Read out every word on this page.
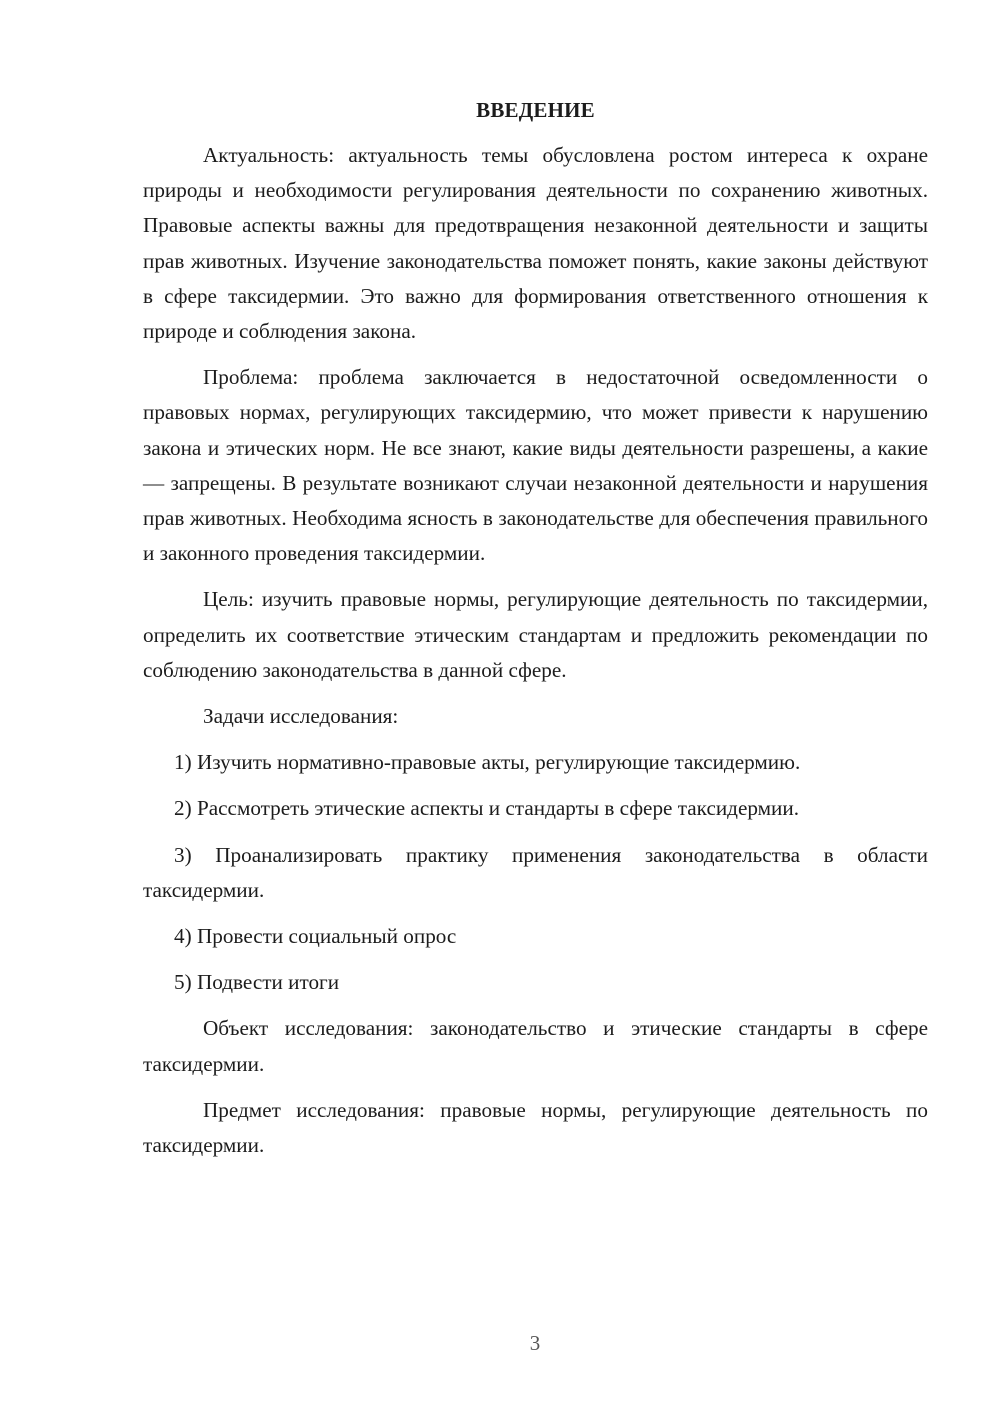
ВВЕДЕНИЕ

Актуальность: актуальность темы обусловлена ростом интереса к охране природы и необходимости регулирования деятельности по сохранению животных. Правовые аспекты важны для предотвращения незаконной деятельности и защиты прав животных. Изучение законодательства поможет понять, какие законы действуют в сфере таксидермии. Это важно для формирования ответственного отношения к природе и соблюдения закона.

Проблема: проблема заключается в недостаточной осведомленности о правовых нормах, регулирующих таксидермию, что может привести к нарушению закона и этических норм. Не все знают, какие виды деятельности разрешены, а какие — запрещены. В результате возникают случаи незаконной деятельности и нарушения прав животных. Необходима ясность в законодательстве для обеспечения правильного и законного проведения таксидермии.

Цель: изучить правовые нормы, регулирующие деятельность по таксидермии, определить их соответствие этическим стандартам и предложить рекомендации по соблюдению законодательства в данной сфере.

Задачи исследования:

1) Изучить нормативно-правовые акты, регулирующие таксидермию.

2) Рассмотреть этические аспекты и стандарты в сфере таксидермии.

3) Проанализировать практику применения законодательства в области таксидермии.

4) Провести социальный опрос

5) Подвести итоги

Объект исследования: законодательство и этические стандарты в сфере таксидермии.

Предмет исследования: правовые нормы, регулирующие деятельность по таксидермии.

3
